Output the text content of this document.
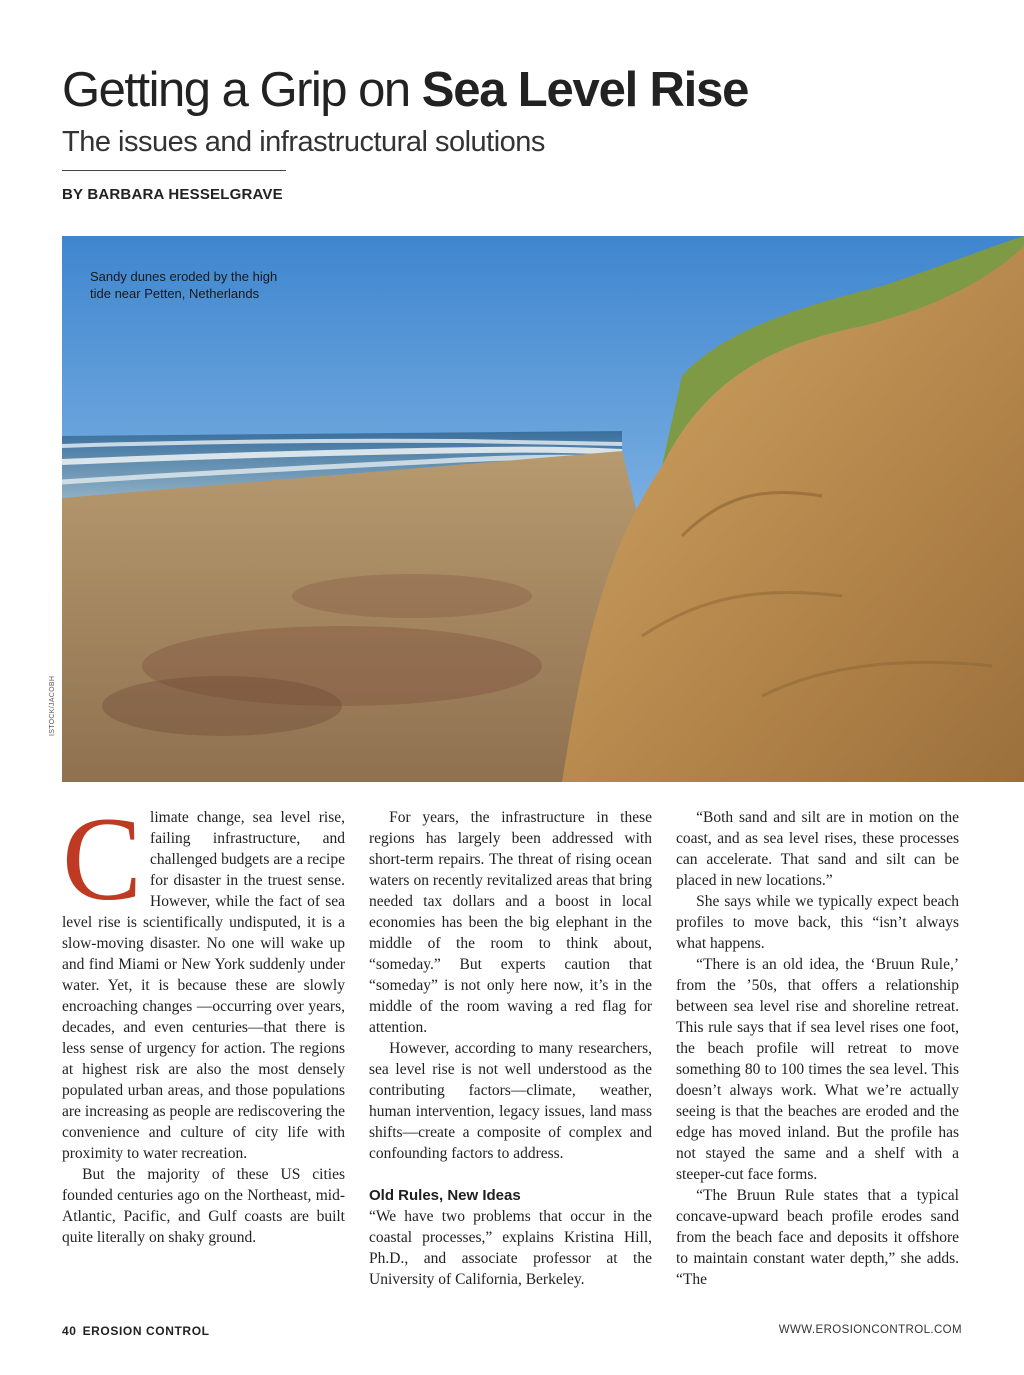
Getting a Grip on Sea Level Rise
The issues and infrastructural solutions
BY BARBARA HESSELGRAVE
Sandy dunes eroded by the high tide near Petten, Netherlands
ISTOCK/JACOBH
C limate change, sea level rise, failing infrastructure, and challenged budgets are a recipe for disaster in the truest sense. However, while the fact of sea level rise is scientifically undisputed, it is a slow-moving disaster. No one will wake up and find Miami or New York suddenly under water. Yet, it is because these are slowly encroaching changes —occurring over years, decades, and even centuries—that there is less sense of urgency for action. The regions at highest risk are also the most densely populated urban areas, and those populations are increasing as people are rediscovering the convenience and culture of city life with proximity to water recreation.

But the majority of these US cities founded centuries ago on the Northeast, mid-Atlantic, Pacific, and Gulf coasts are built quite literally on shaky ground.

For years, the infrastructure in these regions has largely been addressed with short-term repairs. The threat of rising ocean waters on recently revitalized areas that bring needed tax dollars and a boost in local economies has been the big elephant in the middle of the room to think about, “someday.” But experts caution that “someday” is not only here now, it’s in the middle of the room waving a red flag for attention.

However, according to many researchers, sea level rise is not well understood as the contributing factors—climate, weather, human intervention, legacy issues, land mass shifts—create a composite of complex and confounding factors to address.

Old Rules, New Ideas

“We have two problems that occur in the coastal processes,” explains Kristina Hill, Ph.D., and associate professor at the University of California, Berkeley.

“Both sand and silt are in motion on the coast, and as sea level rises, these processes can accelerate. That sand and silt can be placed in new locations.”

She says while we typically expect beach profiles to move back, this “isn’t always what happens.

“There is an old idea, the ‘Bruun Rule,’ from the ’50s, that offers a relationship between sea level rise and shoreline retreat. This rule says that if sea level rises one foot, the beach profile will retreat to move something 80 to 100 times the sea level. This doesn’t always work. What we’re actually seeing is that the beaches are eroded and the edge has moved inland. But the profile has not stayed the same and a shelf with a steeper-cut face forms.

“The Bruun Rule states that a typical concave-upward beach profile erodes sand from the beach face and deposits it offshore to maintain constant water depth,” she adds. “The

40 EROSION CONTROL	WWW.EROSIONCONTROL.COM
